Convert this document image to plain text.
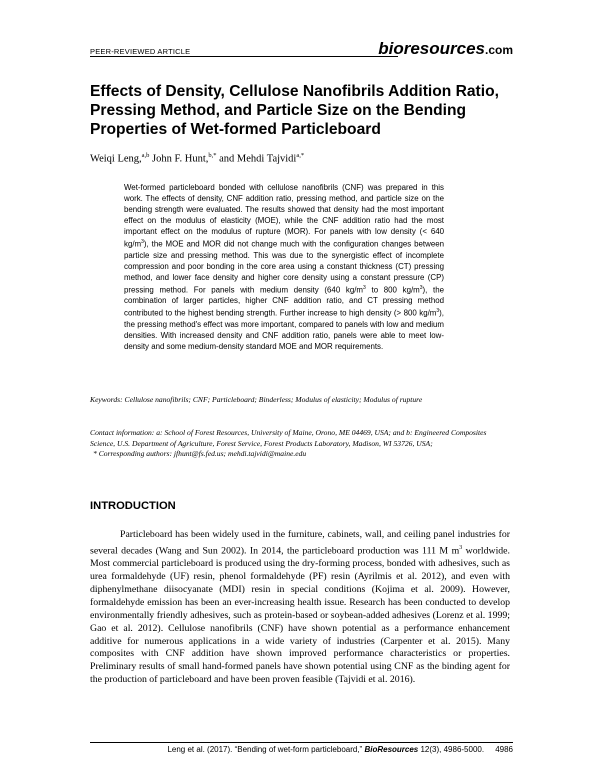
PEER-REVIEWED ARTICLE	bioresources.com
Effects of Density, Cellulose Nanofibrils Addition Ratio, Pressing Method, and Particle Size on the Bending Properties of Wet-formed Particleboard
Weiqi Leng,$^{a,b}$ John F. Hunt,$^{b,*}$ and Mehdi Tajvidi$^{a,*}$

Wet-formed particleboard bonded with cellulose nanofibrils (CNF) was prepared in this work. The effects of density, CNF addition ratio, pressing method, and particle size on the bending strength were evaluated. The results showed that density had the most important effect on the modulus of elasticity (MOE), while the CNF addition ratio had the most important effect on the modulus of rupture (MOR). For panels with low density (< 640 $kg/m^3$), the MOE and MOR did not change much with the configuration changes between particle size and pressing method. This was due to the synergistic effect of incomplete compression and poor bonding in the core area using a constant thickness (CT) pressing method, and lower face density and higher core density using a constant pressure (CP) pressing method. For panels with medium density (640 $kg/m^3$ to 800 $kg/m^3$), the combination of larger particles, higher CNF addition ratio, and CT pressing method contributed to the highest bending strength. Further increase to high density (> 800 $kg/m^3$), the pressing method's effect was more important, compared to panels with low and medium densities. With increased density and CNF addition ratio, panels were able to meet low-density and some medium-density standard MOE and MOR requirements.

Keywords: Cellulose nanofibrils; CNF; Particleboard; Binderless; Modulus of elasticity; Modulus of rupture

Contact information: a: School of Forest Resources, University of Maine, Orono, ME 04469, USA; and b: Engineered Composites Science, U.S. Department of Agriculture, Forest Service, Forest Products Laboratory, Madison, WI 53726, USA;
* Corresponding authors: jfhunt@fs.fed.us; mehdi.tajvidi@maine.edu
INTRODUCTION

Particleboard has been widely used in the furniture, cabinets, wall, and ceiling panel industries for several decades (Wang and Sun 2002). In 2014, the particleboard production was 111 M $m^3$ worldwide. Most commercial particleboard is produced using the dry-forming process, bonded with adhesives, such as urea formaldehyde (UF) resin, phenol formaldehyde (PF) resin (Ayrilmis et al. 2012), and even with diphenylmethane diisocyanate (MDI) resin in special conditions (Kojima et al. 2009). However, formaldehyde emission has been an ever-increasing health issue. Research has been conducted to develop environmentally friendly adhesives, such as protein-based or soybean-added adhesives (Lorenz et al. 1999; Gao et al. 2012). Cellulose nanofibrils (CNF) have shown potential as a performance enhancement additive for numerous applications in a wide variety of industries (Carpenter et al. 2015). Many composites with CNF addition have shown improved performance characteristics or properties. Preliminary results of small hand-formed panels have shown potential using CNF as the binding agent for the production of particleboard and have been proven feasible (Tajvidi et al. 2016).

Leng et al. (2017). “Bending of wet-form particleboard,” BioResources 12(3), 4986-5000. 4986
